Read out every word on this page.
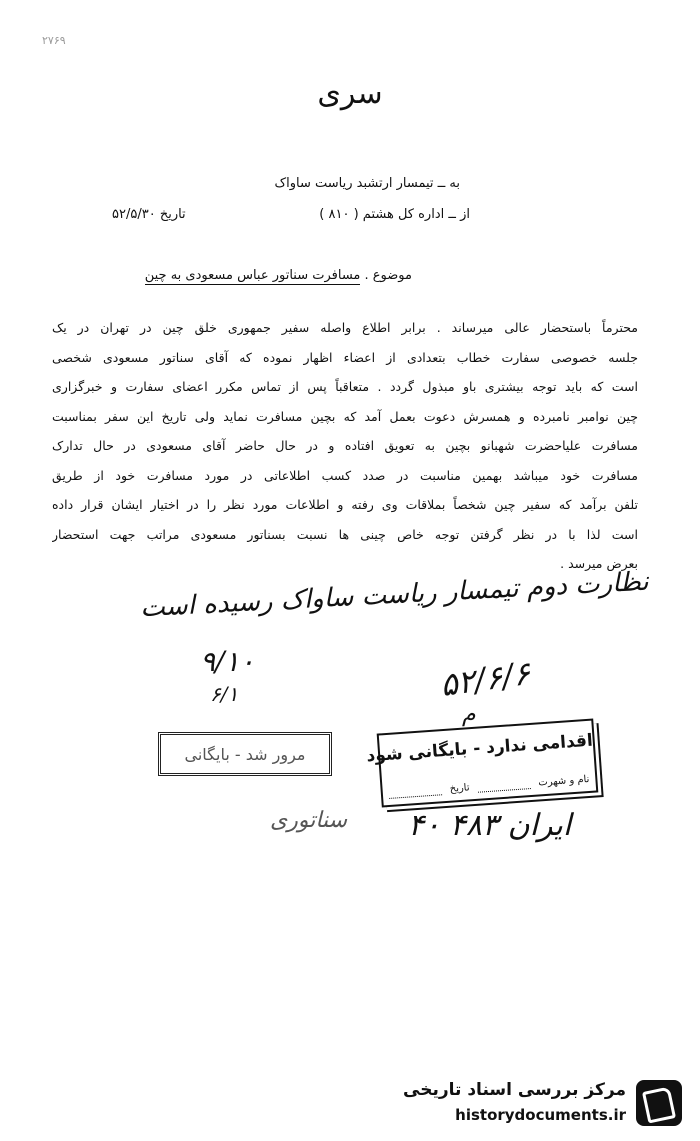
۲۷۶۹
سری
به ــ تیمسار ارتشبد ریاست ساواک
از ــ اداره کل هشتم ( ۸۱۰ )
تاریخ ۵۲/۵/۳۰
موضوع . مسافرت سناتور عباس مسعودی به چین
محترماً باستحضار عالی میرساند . برابر اطلاع واصله سفیر جمهوری خلق چین در تهران در یک
جلسه خصوصی سفارت خطاب بتعدادی از اعضاء اظهار نموده که آقای سناتور مسعودی شخصی
است که باید توجه بیشتری باو مبذول گردد . متعاقباً پس از تماس مکرر اعضای سفارت و خبرگزاری
چین نوامبر نامبرده و همسرش دعوت بعمل آمد که بچین مسافرت نماید ولی تاریخ این سفر بمناسبت
مسافرت علیاحضرت شهبانو بچین به تعویق افتاده و در حال حاضر آقای مسعودی در حال تدارک
مسافرت خود میباشد بهمین مناسبت در صدد کسب اطلاعاتی در مورد مسافرت خود از طریق
تلفن برآمد که سفیر چین شخصاً بملاقات وی رفته و اطلاعات مورد نظر را در اختیار ایشان قرار داده
است لذا با در نظر گرفتن توجه خاص چینی ها نسبت بسناتور مسعودی مراتب جهت استحضار
بعرض میرسد .
نظارت دوم تیمسار ریاست ساواک رسیده است
۹/۱۰
۶/۱	۵۲/۶/۶
م
مرور شد - بایگانی	اقدامی ندارد - بایگانی شود
نام و شهرت
تاریخ
سناتوری ۴۰ ۴۸۳ ایران
مرکز بررسی اسناد تاریخی
historydocuments.ir
